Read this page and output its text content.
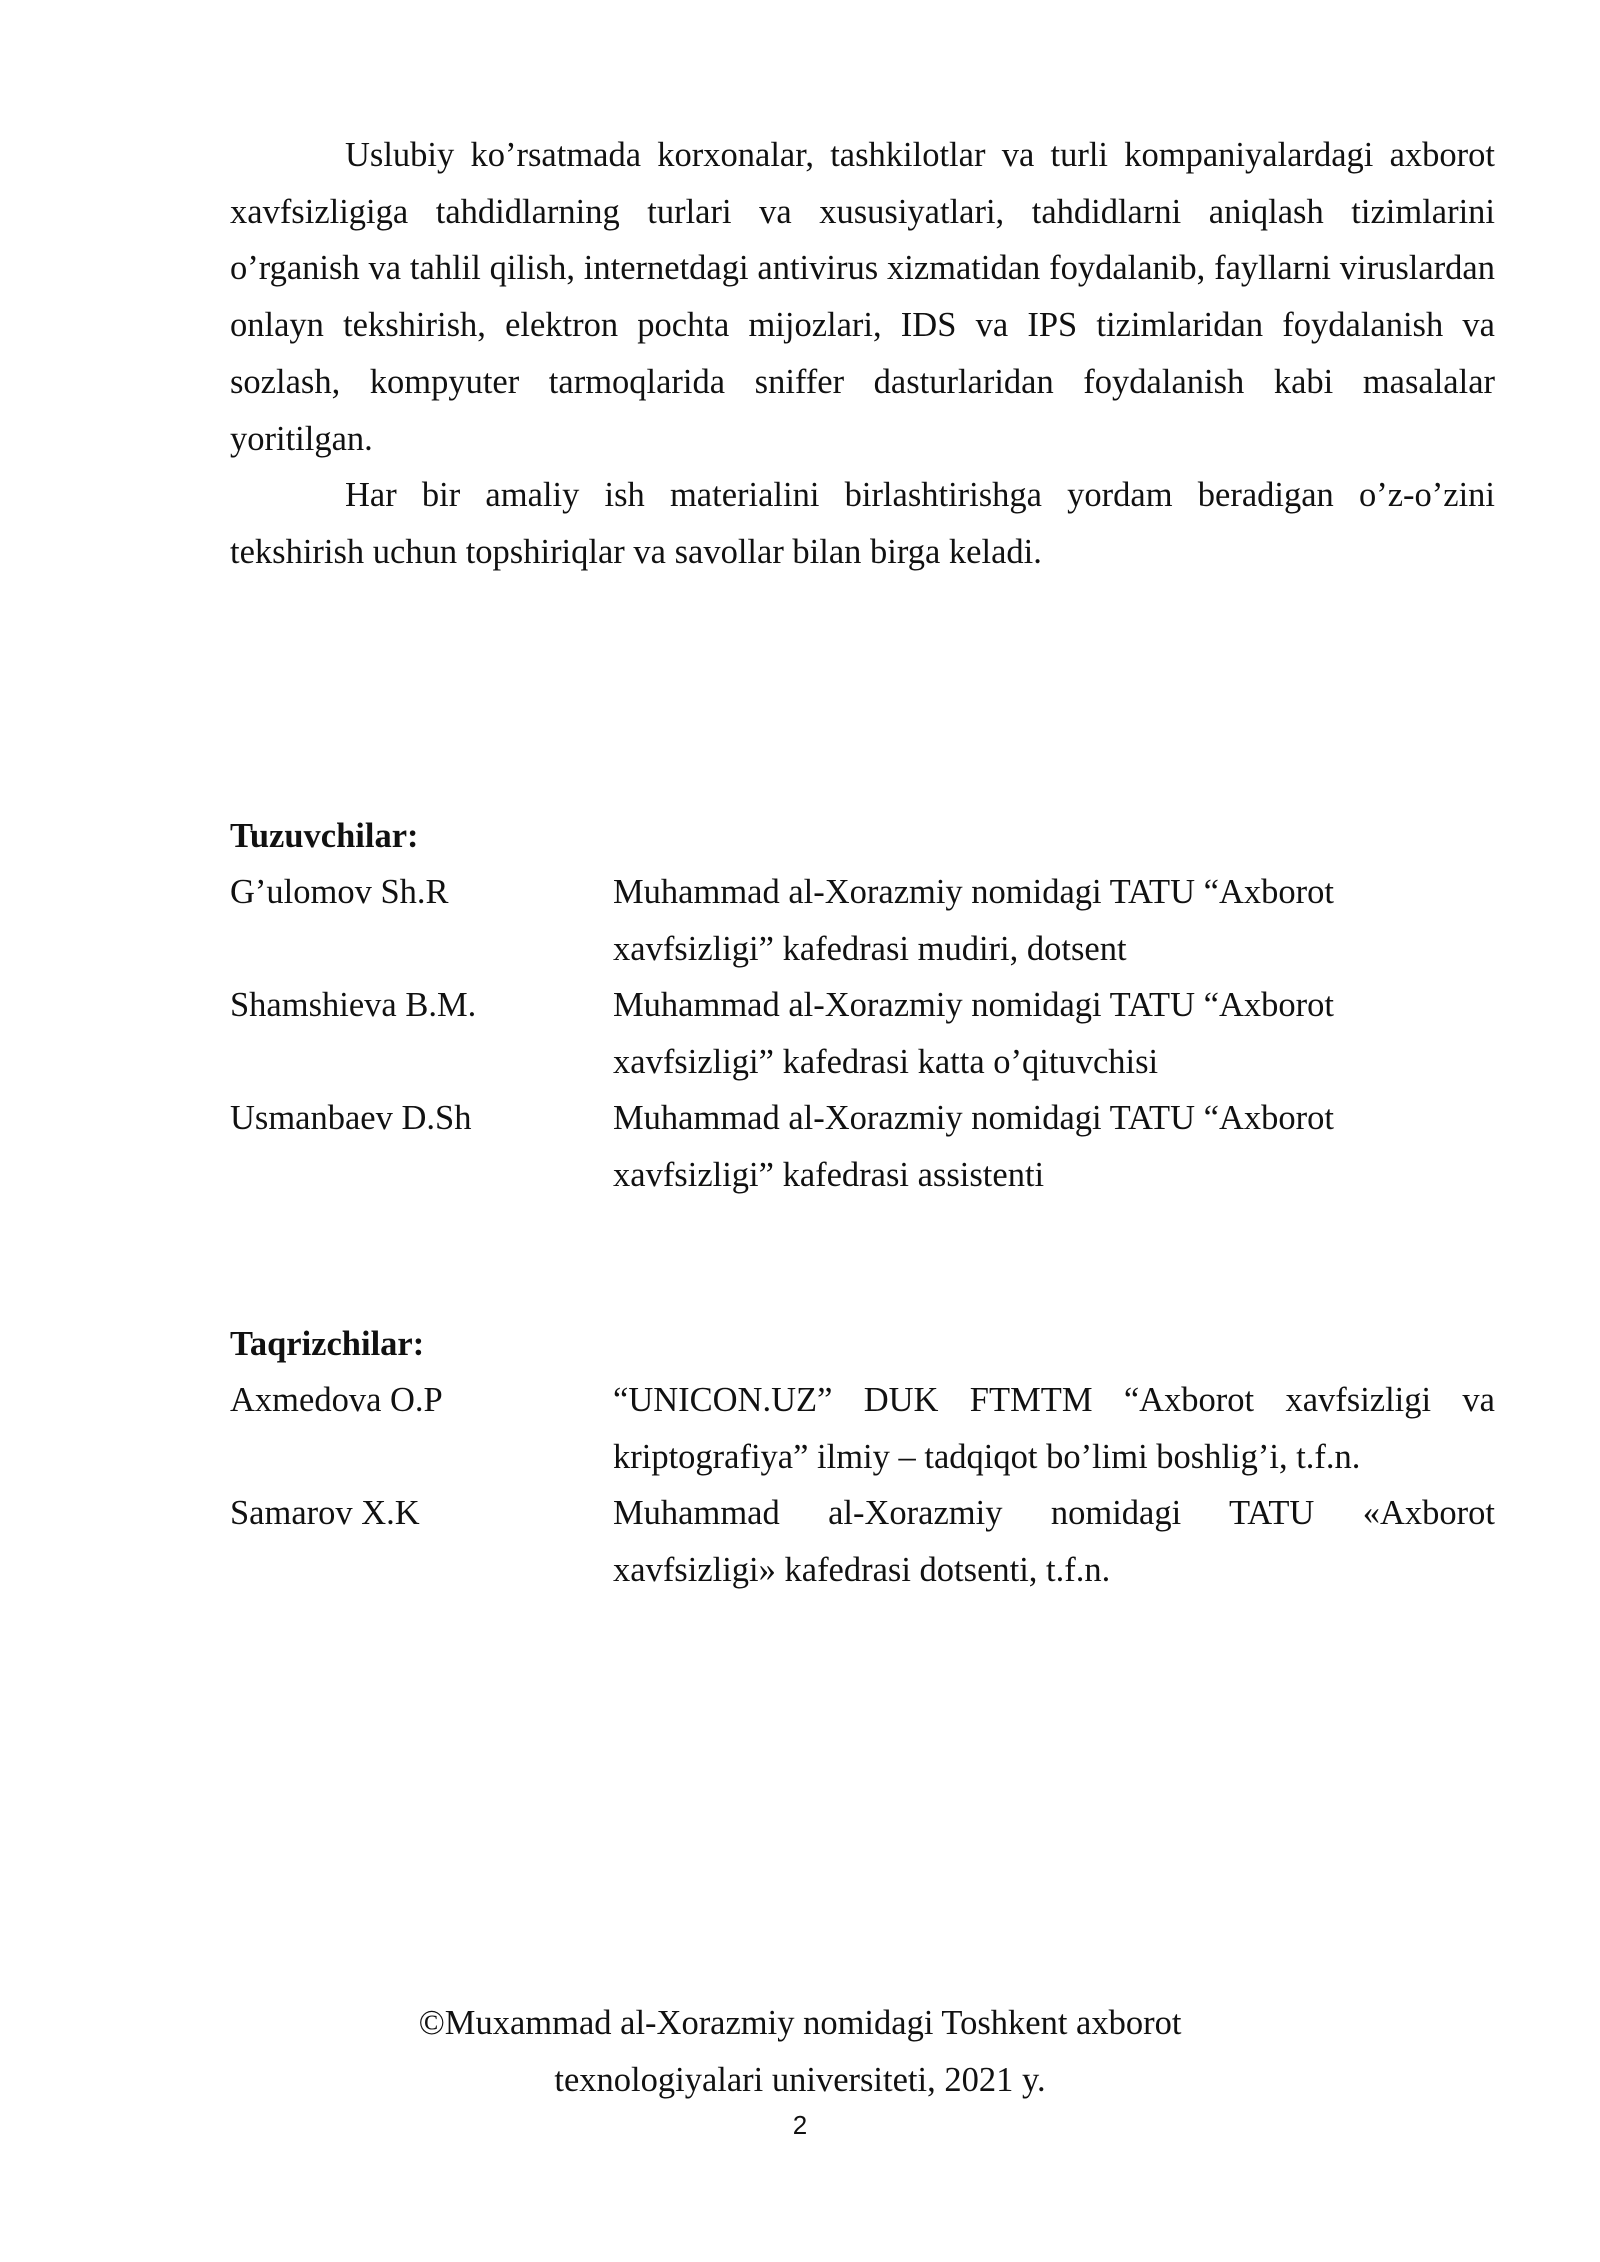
Uslubiy ko’rsatmada korxonalar, tashkilotlar va turli kompaniyalardagi axborot xavfsizligiga tahdidlarning turlari va xususiyatlari, tahdidlarni aniqlash tizimlarini o’rganish va tahlil qilish, internetdagi antivirus xizmatidan foydalanib, fayllarni viruslardan onlayn tekshirish, elektron pochta mijozlari, IDS va IPS tizimlaridan foydalanish va sozlash, kompyuter tarmoqlarida sniffer dasturlaridan foydalanish kabi masalalar yoritilgan.

Har bir amaliy ish materialini birlashtirishga yordam beradigan o’z-o’zini tekshirish uchun topshiriqlar va savollar bilan birga keladi.

Tuzuvchilar:
G’ulomov Sh.R	Muhammad al-Xorazmiy nomidagi TATU “Axborot xavfsizligi” kafedrasi mudiri, dotsent
Shamshieva B.M.	Muhammad al-Xorazmiy nomidagi TATU “Axborot xavfsizligi” kafedrasi katta o’qituvchisi
Usmanbaev D.Sh	Muhammad al-Xorazmiy nomidagi TATU “Axborot xavfsizligi” kafedrasi assistenti
Taqrizchilar:
Axmedova O.P	“UNICON.UZ” DUK FTMTM “Axborot xavfsizligi va kriptografiya” ilmiy – tadqiqot bo’limi boshlig’i, t.f.n.
Samarov X.K	Muhammad al-Xorazmiy nomidagi TATU «Axborot xavfsizligi» kafedrasi dotsenti, t.f.n.
©Muxammad al-Xorazmiy nomidagi Toshkent axborot
texnologiyalari universiteti, 2021 y.
2
